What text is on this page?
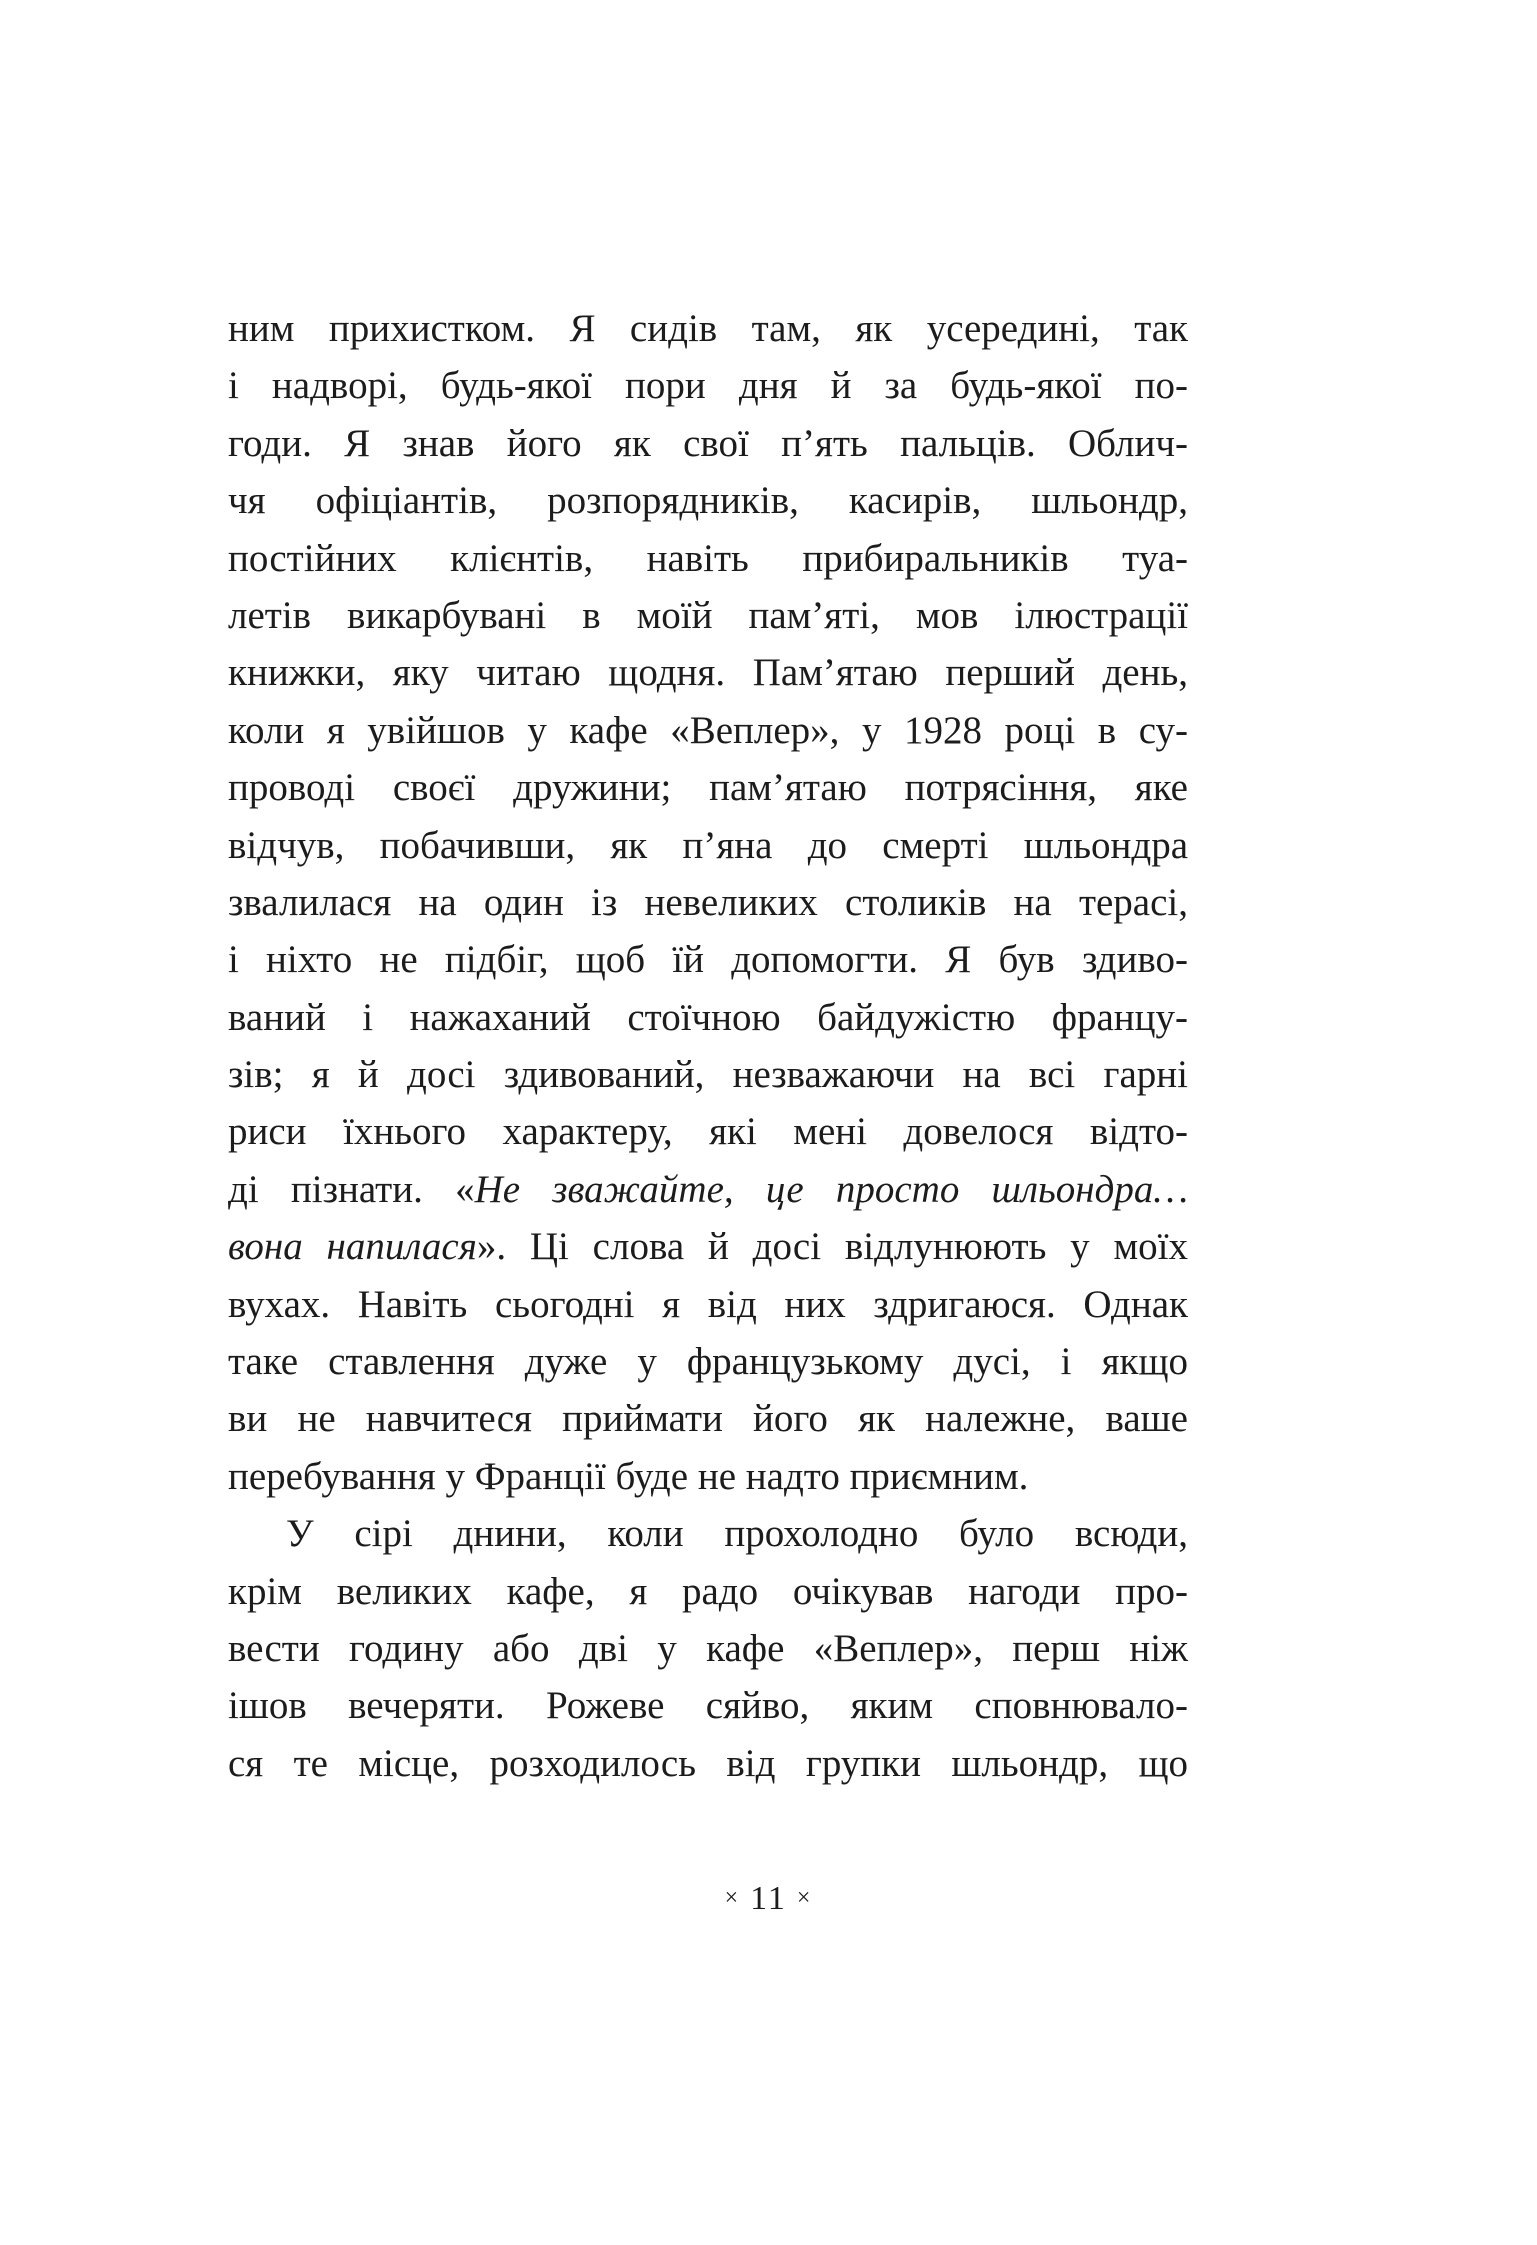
ним прихистком. Я сидів там, як усередині, так
і надворі, будь-якої пори дня й за будь-якої по-
годи. Я знав його як свої п’ять пальців. Облич-
чя офіціантів, розпорядників, касирів, шльондр,
постійних клієнтів, навіть прибиральників туа-
летів викарбувані в моїй пам’яті, мов ілюстрації
книжки, яку читаю щодня. Пам’ятаю перший день,
коли я увійшов у кафе «Веплер», у 1928 році в су-
проводі своєї дружини; пам’ятаю потрясіння, яке
відчув, побачивши, як п’яна до смерті шльондра
звалилася на один із невеликих столиків на терасі,
і ніхто не підбіг, щоб їй допомогти. Я був здиво-
ваний і нажаханий стоїчною байдужістю францу-
зів; я й досі здивований, незважаючи на всі гарні
риси їхнього характеру, які мені довелося відто-
ді пізнати. «Не зважайте, це просто шльондра…
вона напилася». Ці слова й досі відлунюють у моїх
вухах. Навіть сьогодні я від них здригаюся. Однак
таке ставлення дуже у французькому дусі, і якщо
ви не навчитеся приймати його як належне, ваше
перебування у Франції буде не надто приємним.
У сірі днини, коли прохолодно було всюди,
крім великих кафе, я радо очікував нагоди про-
вести годину або дві у кафе «Веплер», перш ніж
ішов вечеряти. Рожеве сяйво, яким сповнювало-
ся те місце, розходилось від групки шльондр, що
× 11 ×
